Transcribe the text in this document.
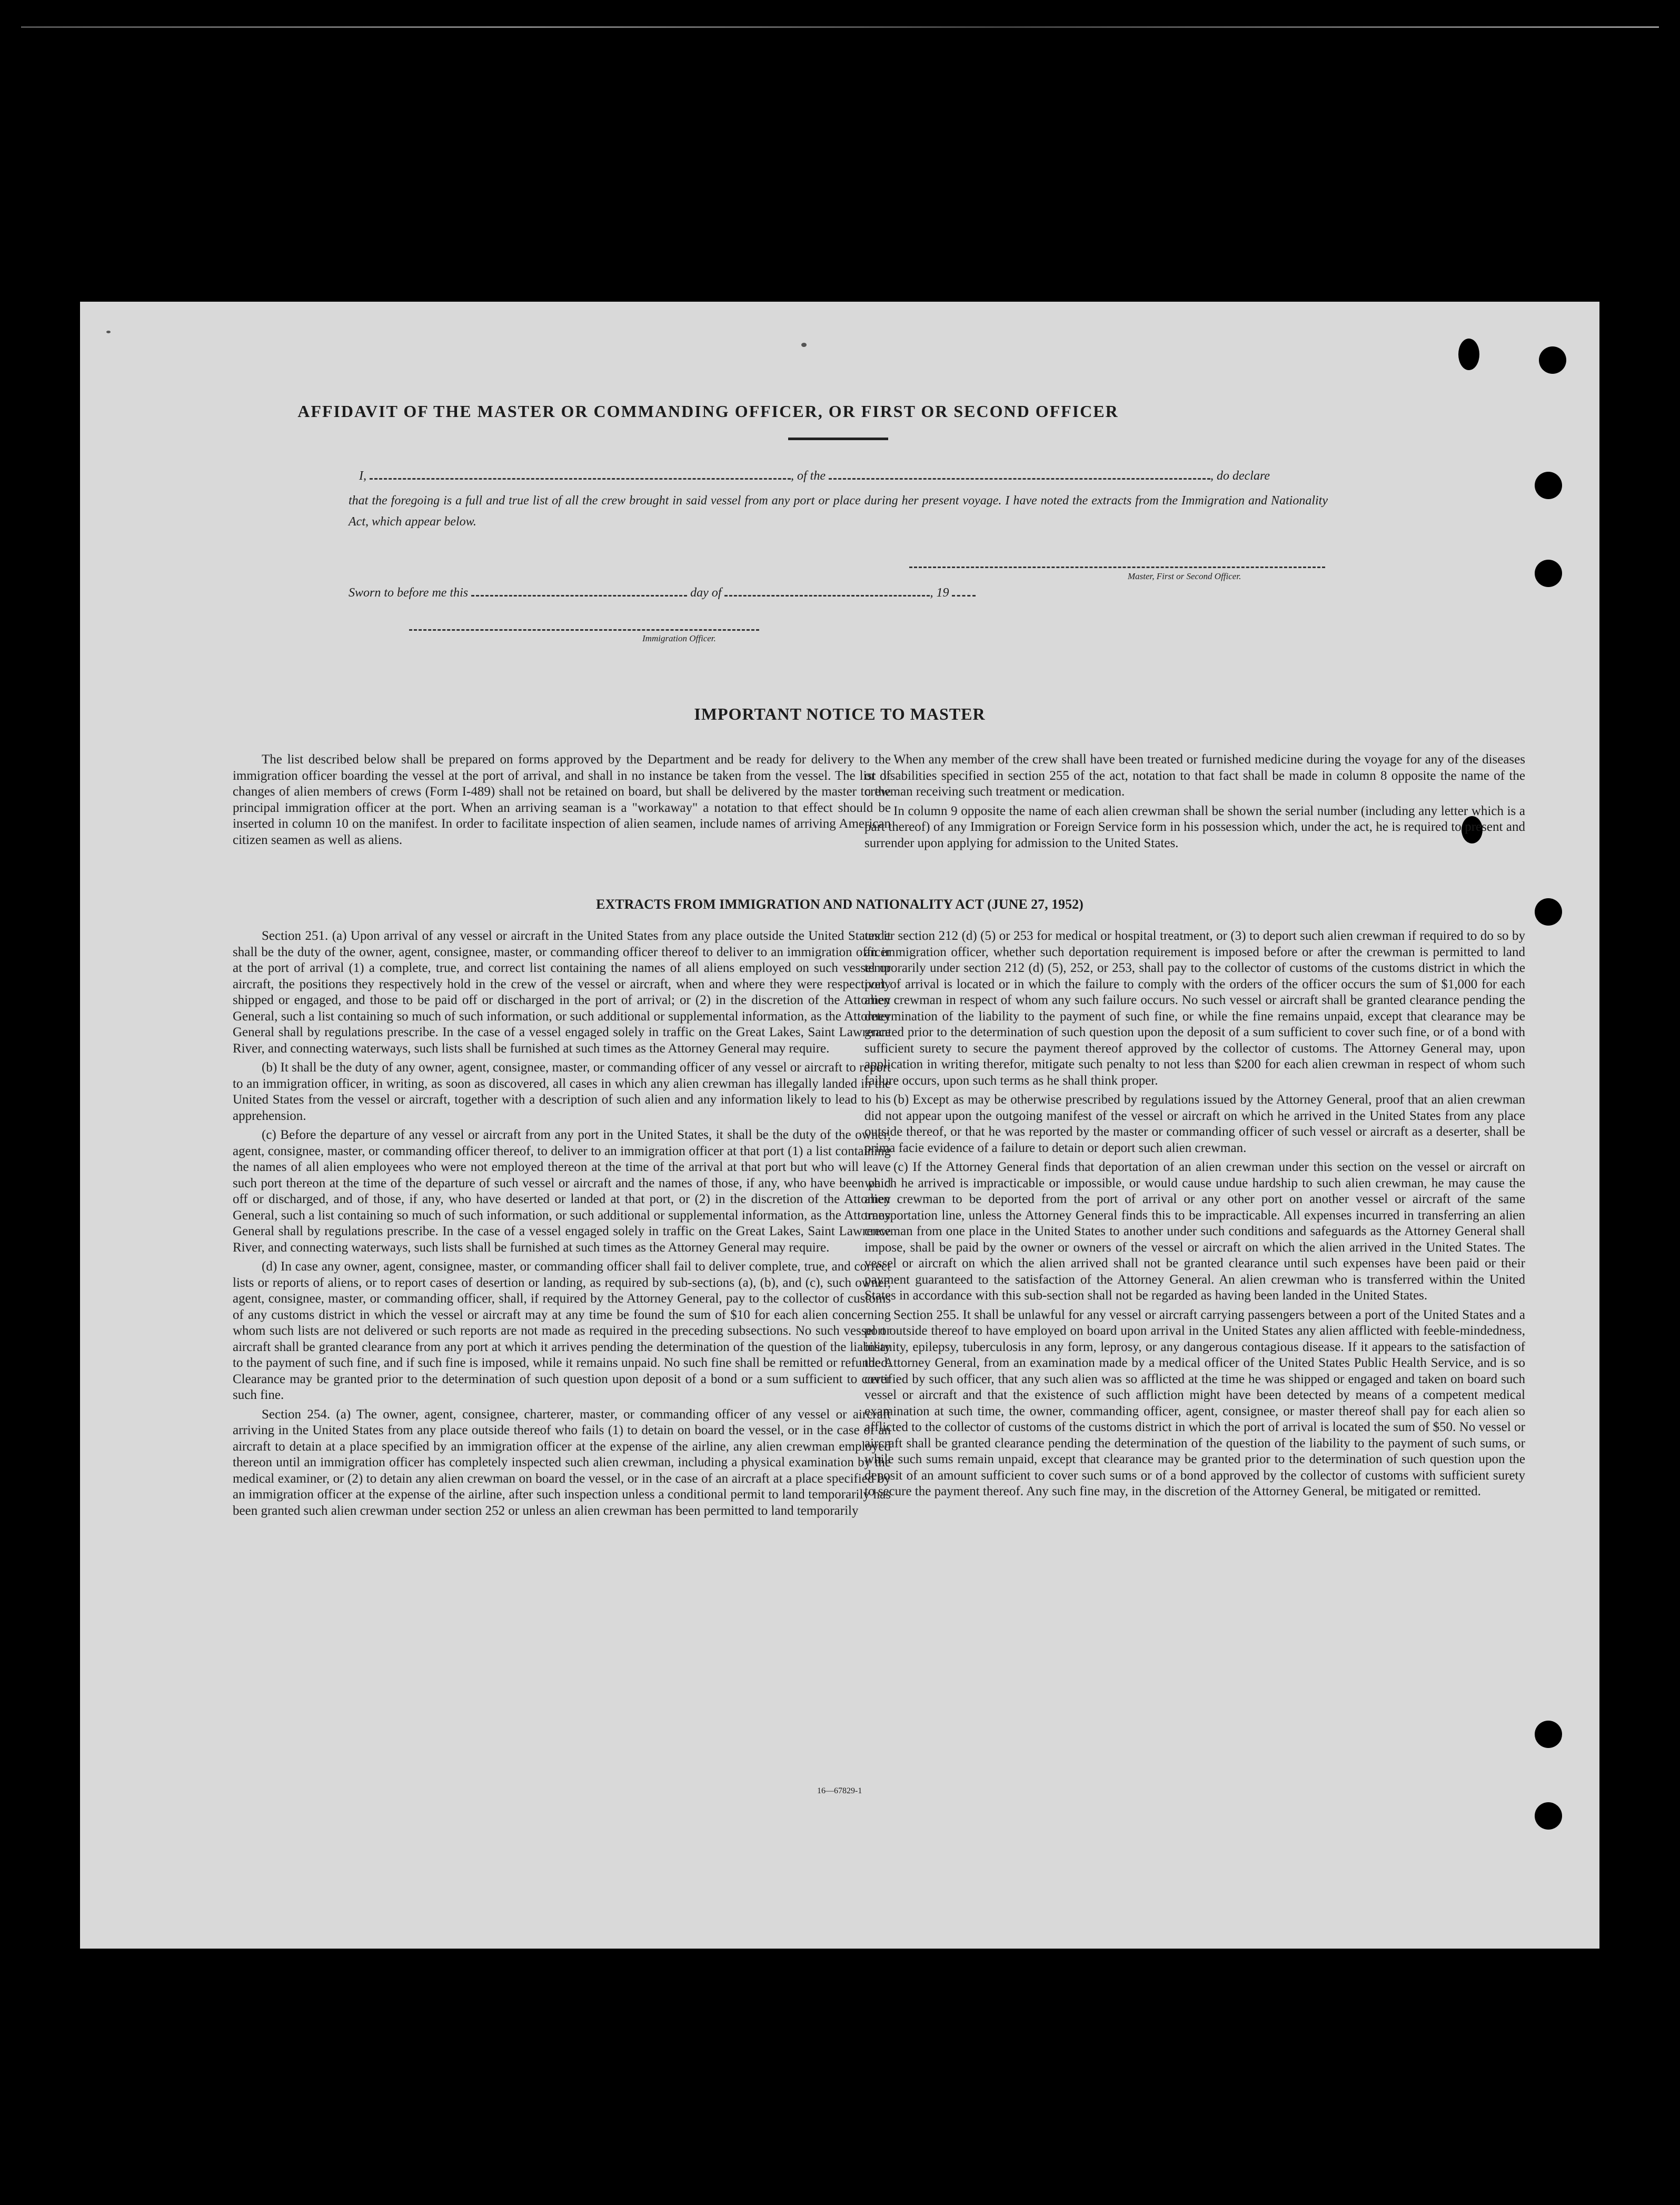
AFFIDAVIT OF THE MASTER OR COMMANDING OFFICER, OR FIRST OR SECOND OFFICER
I,	, of the	, do declare
that the foregoing is a full and true list of all the crew brought in said vessel from any port or place during her present voyage. I have noted the extracts from the Immigration and Nationality Act, which appear below.
Master, First or Second Officer.
Sworn to before me this	day of	, 19
Immigration Officer.
IMPORTANT NOTICE TO MASTER

The list described below shall be prepared on forms approved by the Department and be ready for delivery to the immigration officer boarding the vessel at the port of arrival, and shall in no instance be taken from the vessel. The list of changes of alien members of crews (Form I-489) shall not be retained on board, but shall be delivered by the master to the principal immigration officer at the port. When an arriving seaman is a "workaway" a notation to that effect should be inserted in column 10 on the manifest. In order to facilitate inspection of alien seamen, include names of arriving American citizen seamen as well as aliens.

When any member of the crew shall have been treated or furnished medicine during the voyage for any of the diseases or disabilities specified in section 255 of the act, notation to that fact shall be made in column 8 opposite the name of the crewman receiving such treatment or medication.

In column 9 opposite the name of each alien crewman shall be shown the serial number (including any letter which is a part thereof) of any Immigration or Foreign Service form in his possession which, under the act, he is required to present and surrender upon applying for admission to the United States.

EXTRACTS FROM IMMIGRATION AND NATIONALITY ACT (JUNE 27, 1952)

Section 251. (a) Upon arrival of any vessel or aircraft in the United States from any place outside the United States it shall be the duty of the owner, agent, consignee, master, or commanding officer thereof to deliver to an immigration officer at the port of arrival (1) a complete, true, and correct list containing the names of all aliens employed on such vessel or aircraft, the positions they respectively hold in the crew of the vessel or aircraft, when and where they were respectively shipped or engaged, and those to be paid off or discharged in the port of arrival; or (2) in the discretion of the Attorney General, such a list containing so much of such information, or such additional or supplemental information, as the Attorney General shall by regulations prescribe. In the case of a vessel engaged solely in traffic on the Great Lakes, Saint Lawrence River, and connecting waterways, such lists shall be furnished at such times as the Attorney General may require.

(b) It shall be the duty of any owner, agent, consignee, master, or commanding officer of any vessel or aircraft to report to an immigration officer, in writing, as soon as discovered, all cases in which any alien crewman has illegally landed in the United States from the vessel or aircraft, together with a description of such alien and any information likely to lead to his apprehension.

(c) Before the departure of any vessel or aircraft from any port in the United States, it shall be the duty of the owner, agent, consignee, master, or commanding officer thereof, to deliver to an immigration officer at that port (1) a list containing the names of all alien employees who were not employed thereon at the time of the arrival at that port but who will leave such port thereon at the time of the departure of such vessel or aircraft and the names of those, if any, who have been paid off or discharged, and of those, if any, who have deserted or landed at that port, or (2) in the discretion of the Attorney General, such a list containing so much of such information, or such additional or supplemental information, as the Attorney General shall by regulations prescribe. In the case of a vessel engaged solely in traffic on the Great Lakes, Saint Lawrence River, and connecting waterways, such lists shall be furnished at such times as the Attorney General may require.

(d) In case any owner, agent, consignee, master, or commanding officer shall fail to deliver complete, true, and correct lists or reports of aliens, or to report cases of desertion or landing, as required by sub-sections (a), (b), and (c), such owner, agent, consignee, master, or commanding officer, shall, if required by the Attorney General, pay to the collector of customs of any customs district in which the vessel or aircraft may at any time be found the sum of $10 for each alien concerning whom such lists are not delivered or such reports are not made as required in the preceding subsections. No such vessel or aircraft shall be granted clearance from any port at which it arrives pending the determination of the question of the liability to the payment of such fine, and if such fine is imposed, while it remains unpaid. No such fine shall be remitted or refunded. Clearance may be granted prior to the determination of such question upon deposit of a bond or a sum sufficient to cover such fine.

Section 254. (a) The owner, agent, consignee, charterer, master, or commanding officer of any vessel or aircraft arriving in the United States from any place outside thereof who fails (1) to detain on board the vessel, or in the case of an aircraft to detain at a place specified by an immigration officer at the expense of the airline, any alien crewman employed thereon until an immigration officer has completely inspected such alien crewman, including a physical examination by the medical examiner, or (2) to detain any alien crewman on board the vessel, or in the case of an aircraft at a place specified by an immigration officer at the expense of the airline, after such inspection unless a conditional permit to land temporarily has been granted such alien crewman under section 252 or unless an alien crewman has been permitted to land temporarily

under section 212 (d) (5) or 253 for medical or hospital treatment, or (3) to deport such alien crewman if required to do so by an immigration officer, whether such deportation requirement is imposed before or after the crewman is permitted to land temporarily under section 212 (d) (5), 252, or 253, shall pay to the collector of customs of the customs district in which the port of arrival is located or in which the failure to comply with the orders of the officer occurs the sum of $1,000 for each alien crewman in respect of whom any such failure occurs. No such vessel or aircraft shall be granted clearance pending the determination of the liability to the payment of such fine, or while the fine remains unpaid, except that clearance may be granted prior to the determination of such question upon the deposit of a sum sufficient to cover such fine, or of a bond with sufficient surety to secure the payment thereof approved by the collector of customs. The Attorney General may, upon application in writing therefor, mitigate such penalty to not less than $200 for each alien crewman in respect of whom such failure occurs, upon such terms as he shall think proper.

(b) Except as may be otherwise prescribed by regulations issued by the Attorney General, proof that an alien crewman did not appear upon the outgoing manifest of the vessel or aircraft on which he arrived in the United States from any place outside thereof, or that he was reported by the master or commanding officer of such vessel or aircraft as a deserter, shall be prima facie evidence of a failure to detain or deport such alien crewman.

(c) If the Attorney General finds that deportation of an alien crewman under this section on the vessel or aircraft on which he arrived is impracticable or impossible, or would cause undue hardship to such alien crewman, he may cause the alien crewman to be deported from the port of arrival or any other port on another vessel or aircraft of the same transportation line, unless the Attorney General finds this to be impracticable. All expenses incurred in transferring an alien crewman from one place in the United States to another under such conditions and safeguards as the Attorney General shall impose, shall be paid by the owner or owners of the vessel or aircraft on which the alien arrived in the United States. The vessel or aircraft on which the alien arrived shall not be granted clearance until such expenses have been paid or their payment guaranteed to the satisfaction of the Attorney General. An alien crewman who is transferred within the United States in accordance with this sub-section shall not be regarded as having been landed in the United States.

Section 255. It shall be unlawful for any vessel or aircraft carrying passengers between a port of the United States and a port outside thereof to have employed on board upon arrival in the United States any alien afflicted with feeble-mindedness, insanity, epilepsy, tuberculosis in any form, leprosy, or any dangerous contagious disease. If it appears to the satisfaction of the Attorney General, from an examination made by a medical officer of the United States Public Health Service, and is so certified by such officer, that any such alien was so afflicted at the time he was shipped or engaged and taken on board such vessel or aircraft and that the existence of such affliction might have been detected by means of a competent medical examination at such time, the owner, commanding officer, agent, consignee, or master thereof shall pay for each alien so afflicted to the collector of customs of the customs district in which the port of arrival is located the sum of $50. No vessel or aircraft shall be granted clearance pending the determination of the question of the liability to the payment of such sums, or while such sums remain unpaid, except that clearance may be granted prior to the determination of such question upon the deposit of an amount sufficient to cover such sums or of a bond approved by the collector of customs with sufficient surety to secure the payment thereof. Any such fine may, in the discretion of the Attorney General, be mitigated or remitted.

16—67829-1
